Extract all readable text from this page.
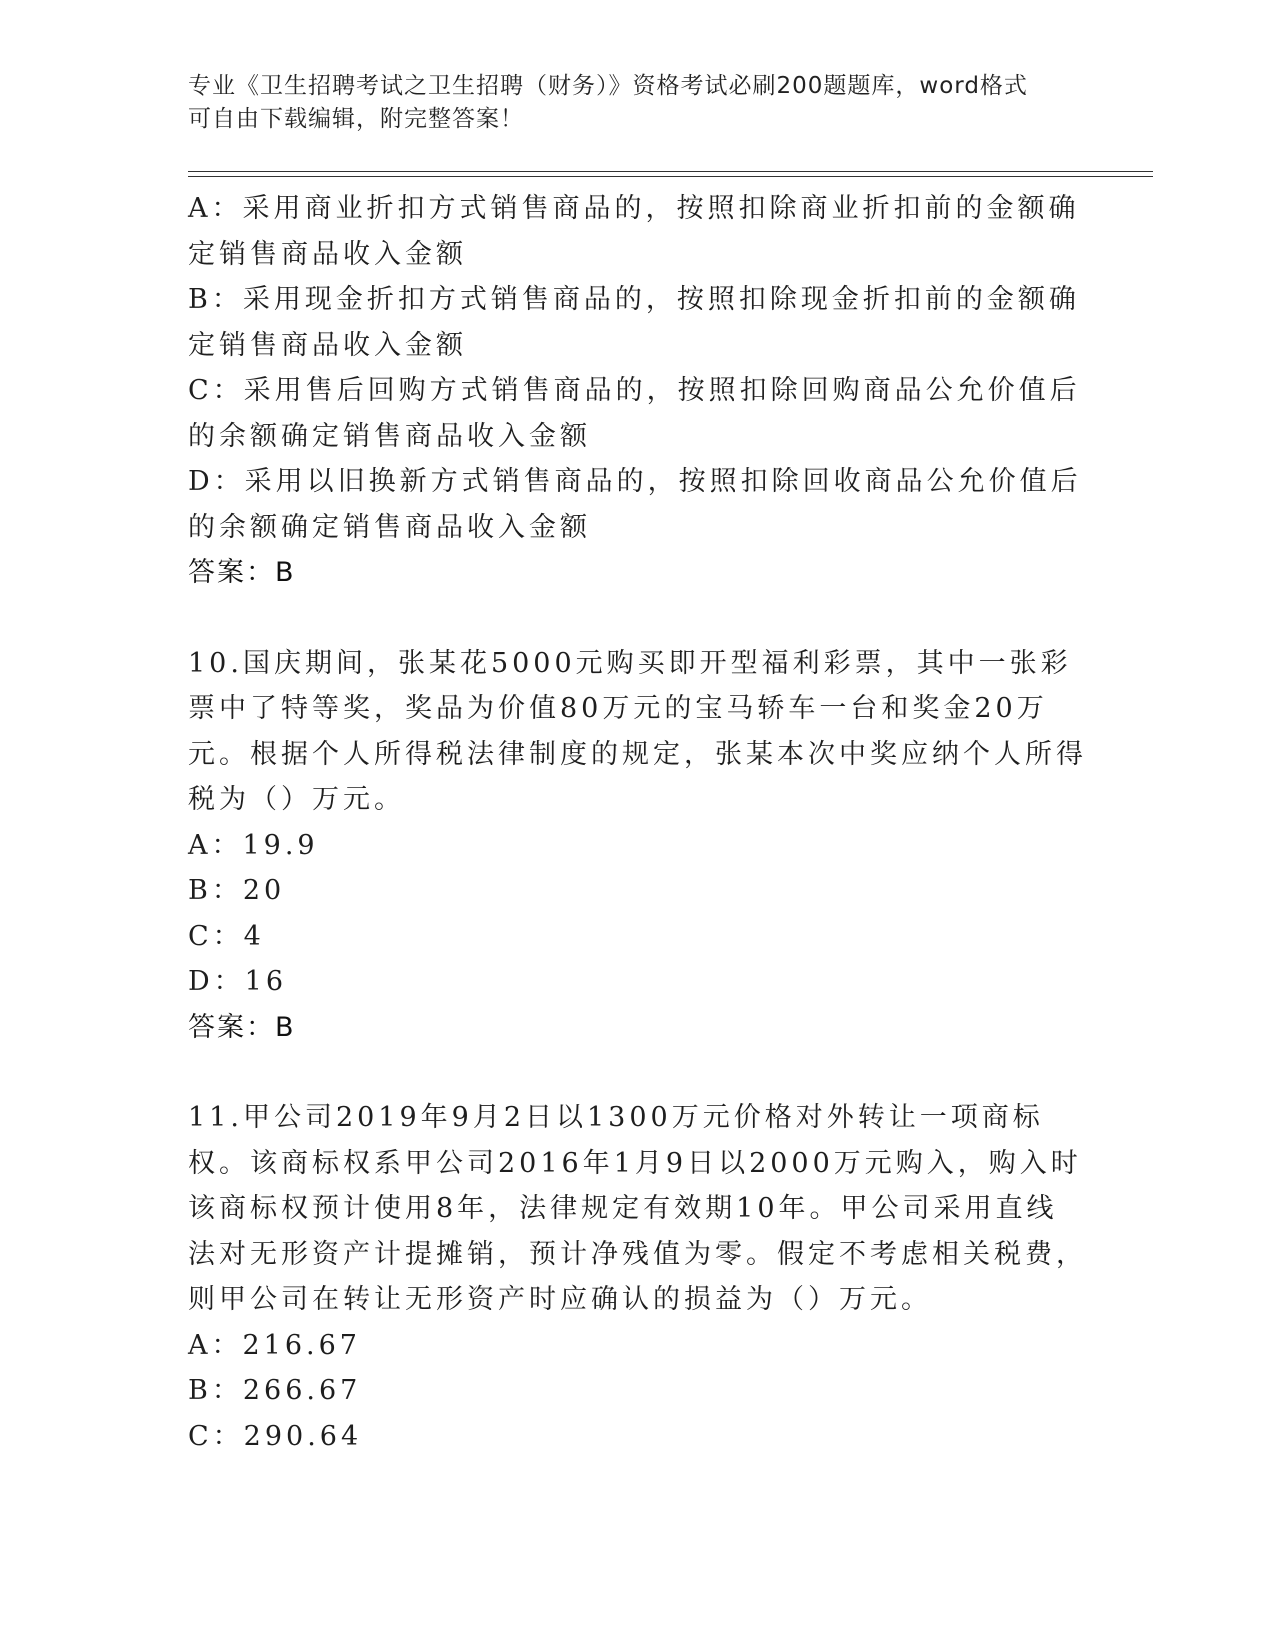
专业《卫生招聘考试之卫生招聘（财务）》资格考试必刷200题题库，word格式
可自由下载编辑，附完整答案！

A：采用商业折扣方式销售商品的，按照扣除商业折扣前的金额确定销售商品收入金额

B：采用现金折扣方式销售商品的，按照扣除现金折扣前的金额确定销售商品收入金额

C：采用售后回购方式销售商品的，按照扣除回购商品公允价值后的余额确定销售商品收入金额

D：采用以旧换新方式销售商品的，按照扣除回收商品公允价值后的余额确定销售商品收入金额

答案：B

10.国庆期间，张某花5000元购买即开型福利彩票，其中一张彩票中了特等奖，奖品为价值80万元的宝马轿车一台和奖金20万元。根据个人所得税法律制度的规定，张某本次中奖应纳个人所得税为（）万元。

A：19.9

B：20

C：4

D：16

答案：B

11.甲公司2019年9月2日以1300万元价格对外转让一项商标权。该商标权系甲公司2016年1月9日以2000万元购入，购入时该商标权预计使用8年，法律规定有效期10年。甲公司采用直线法对无形资产计提摊销，预计净残值为零。假定不考虑相关税费，则甲公司在转让无形资产时应确认的损益为（）万元。

A：216.67

B：266.67

C：290.64
